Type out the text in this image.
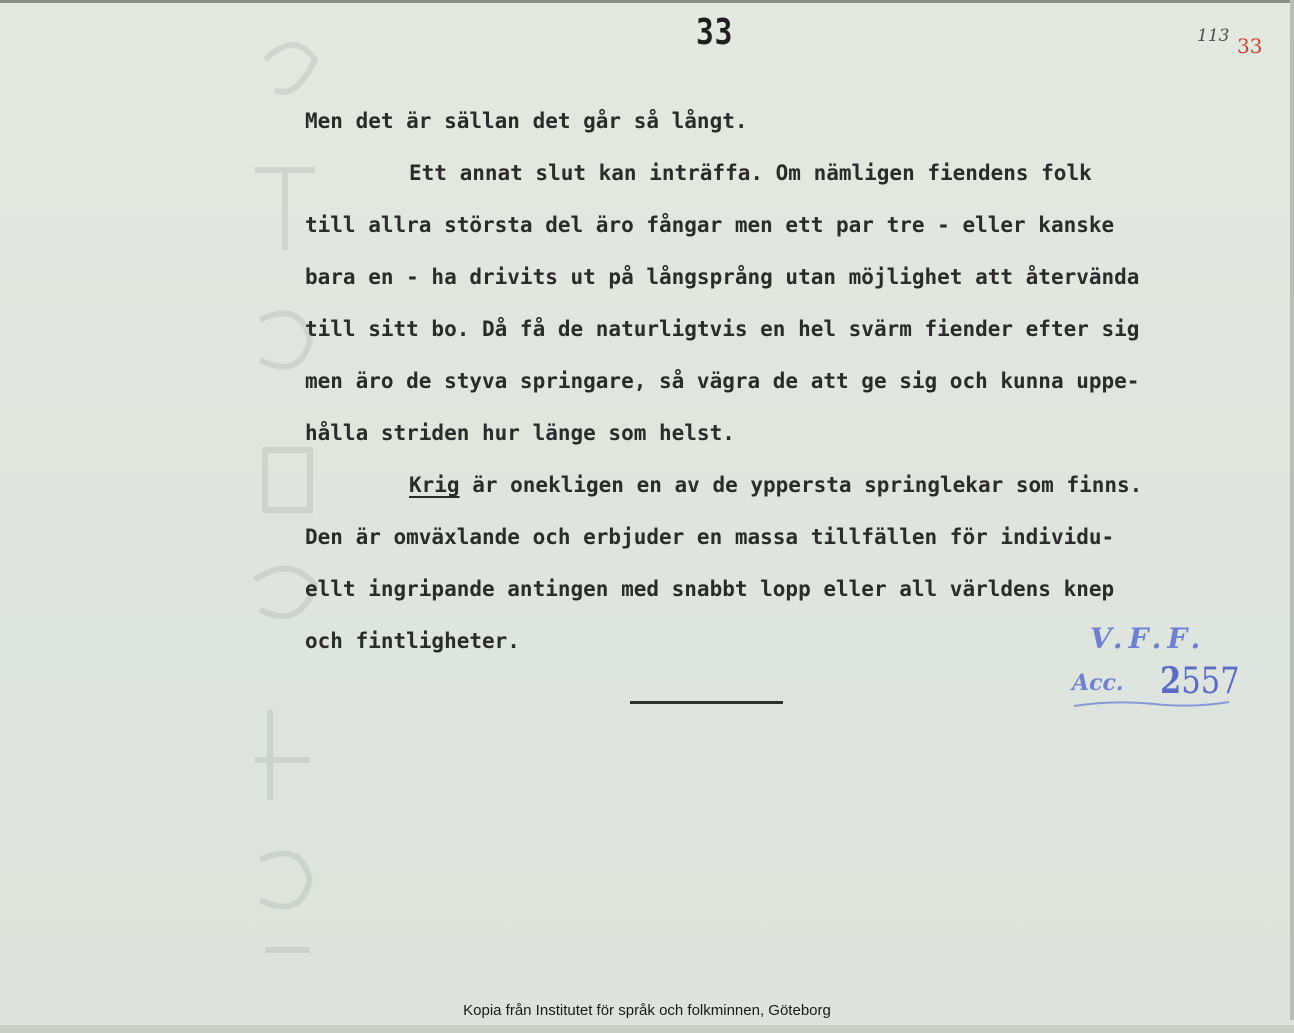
33	113 33
Men det är sällan det går så långt.
Ett annat slut kan inträffa. Om nämligen fiendens folk
till allra största del äro fångar men ett par tre - eller kanske
bara en - ha drivits ut på långsprång utan möjlighet att återvända
till sitt bo. Då få de naturligtvis en hel svärm fiender efter sig
men äro de styva springare, så vägra de att ge sig och kunna uppe-
hålla striden hur länge som helst.
Krig är onekligen en av de yppersta springlekar som finns.
Den är omväxlande och erbjuder en massa tillfällen för individu-
ellt ingripande antingen med snabbt lopp eller all världens knep
och fintligheter.	V.F.F.
Acc. 2557
Kopia från Institutet för språk och folkminnen, Göteborg
